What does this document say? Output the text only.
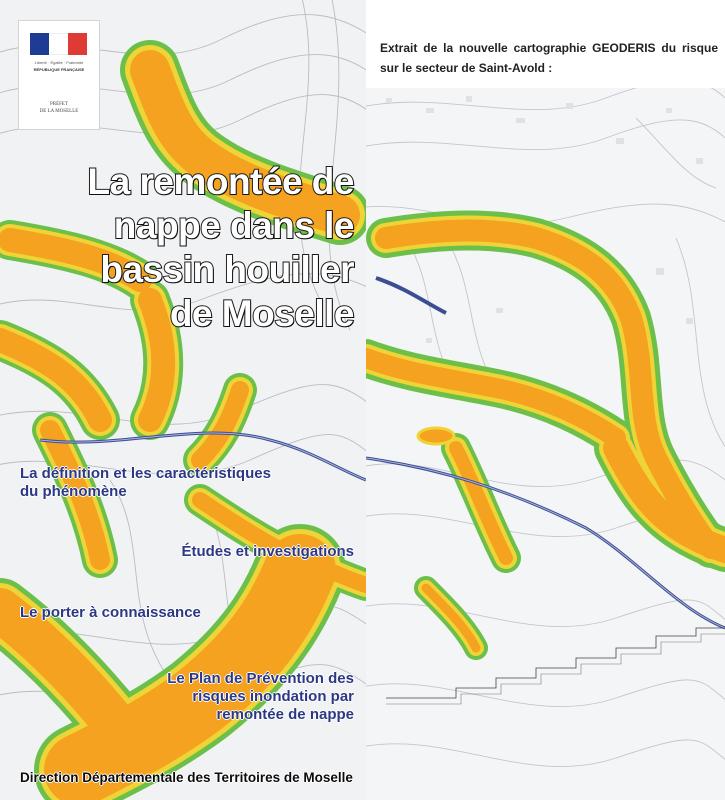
Liberté · Égalité · Fraternité
RÉPUBLIQUE FRANÇAISE
PRÉFET
DE LA MOSELLE
La remontée de
nappe dans le
bassin houiller
de Moselle
La définition et les caractéristiques
du phénomène
Études et investigations
Le porter à connaissance
Le Plan de Prévention des
risques inondation par
remontée de nappe
Direction Départementale des Territoires de Moselle
Extrait de la nouvelle cartographie GEODERIS du risque sur le secteur de Saint-Avold :
